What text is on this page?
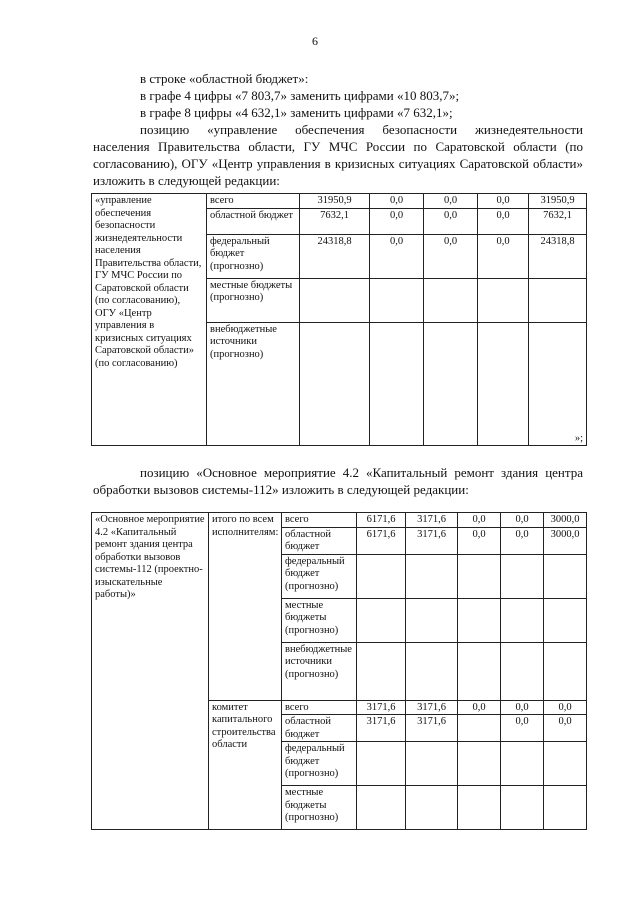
6
в строке «областной бюджет»:
в графе 4 цифры «7 803,7» заменить цифрами «10 803,7»;
в графе 8 цифры «4 632,1» заменить цифрами «7 632,1»;
позицию «управление обеспечения безопасности жизнедеятельности населения Правительства области, ГУ МЧС России по Саратовской области (по согласованию), ОГУ «Центр управления в кризисных ситуациях Саратовской области» изложить в следующей редакции:
«управление обеспечения безопасности жизнедеятельности населения Правительства области, ГУ МЧС России по Саратовской области (по согласованию), ОГУ «Центр управления в кризисных ситуациях Саратовской области» (по согласованию)	всего	31950,9	0,0	0,0	0,0	31950,9
	областной бюджет	7632,1	0,0	0,0	0,0	7632,1
	федеральный бюджет (прогнозно)	24318,8	0,0	0,0	0,0	24318,8
	местные бюджеты (прогнозно)					
	внебюджетные источники (прогнозно)					»;
позицию «Основное мероприятие 4.2 «Капитальный ремонт здания центра обработки вызовов системы-112» изложить в следующей редакции:
«Основное мероприятие 4.2 «Капитальный ремонт здания центра обработки вызовов системы-112 (проектно-изыскательные работы)»	итого по всем исполнителям:	всего	6171,6	3171,6	0,0	0,0	3000,0
		областной бюджет	6171,6	3171,6	0,0	0,0	3000,0
		федеральный бюджет (прогнозно)					
		местные бюджеты (прогнозно)					
		внебюджетные источники (прогнозно)					
	комитет капитального строительства области	всего	3171,6	3171,6	0,0	0,0	0,0
		областной бюджет	3171,6	3171,6		0,0	0,0
		федеральный бюджет (прогнозно)					
		местные бюджеты (прогнозно)					
